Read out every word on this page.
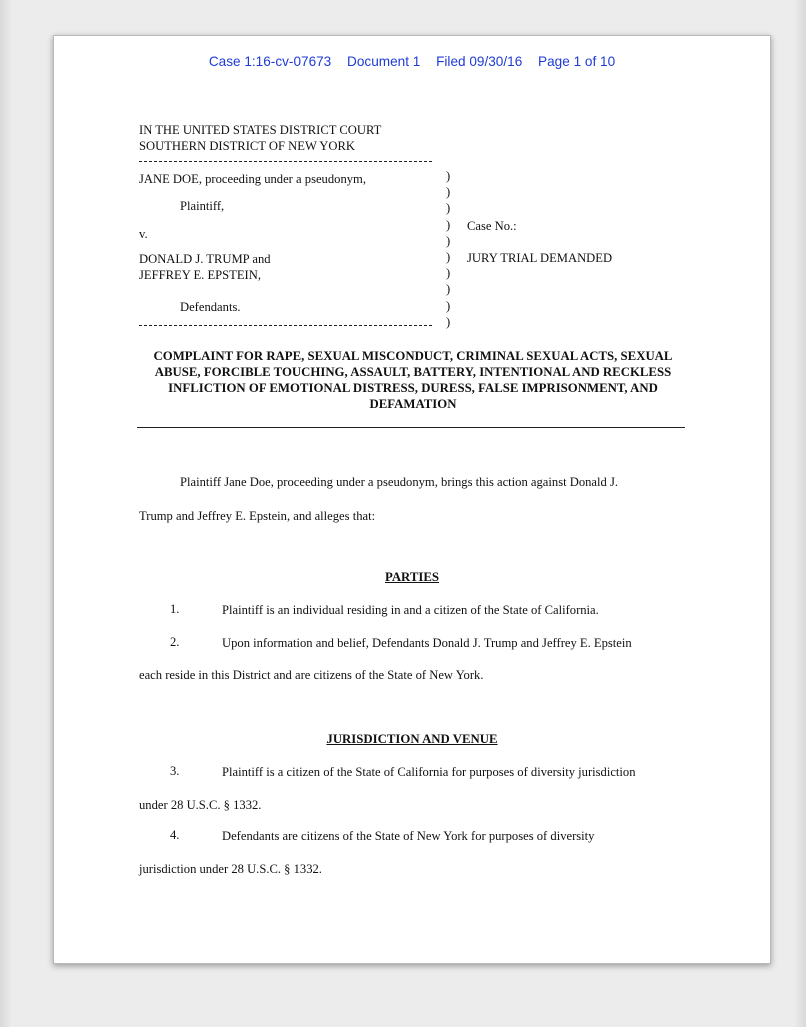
Case 1:16-cv-07673 Document 1 Filed 09/30/16 Page 1 of 10
IN THE UNITED STATES DISTRICT COURT
SOUTHERN DISTRICT OF NEW YORK
JANE DOE, proceeding under a pseudonym,
Plaintiff,
v.
DONALD J. TRUMP and
JEFFREY E. EPSTEIN,
Defendants.
)
)
)
)
)
)
)
)
)
)
Case No.:
JURY TRIAL DEMANDED
COMPLAINT FOR RAPE, SEXUAL MISCONDUCT, CRIMINAL SEXUAL ACTS, SEXUAL ABUSE, FORCIBLE TOUCHING, ASSAULT, BATTERY, INTENTIONAL AND RECKLESS INFLICTION OF EMOTIONAL DISTRESS, DURESS, FALSE IMPRISONMENT, AND DEFAMATION
Plaintiff Jane Doe, proceeding under a pseudonym, brings this action against Donald J.
Trump and Jeffrey E. Epstein, and alleges that:
PARTIES
1.	Plaintiff is an individual residing in and a citizen of the State of California.
2.	Upon information and belief, Defendants Donald J. Trump and Jeffrey E. Epstein
each reside in this District and are citizens of the State of New York.
JURISDICTION AND VENUE
3.	Plaintiff is a citizen of the State of California for purposes of diversity jurisdiction
under 28 U.S.C. § 1332.
4.	Defendants are citizens of the State of New York for purposes of diversity
jurisdiction under 28 U.S.C. § 1332.
